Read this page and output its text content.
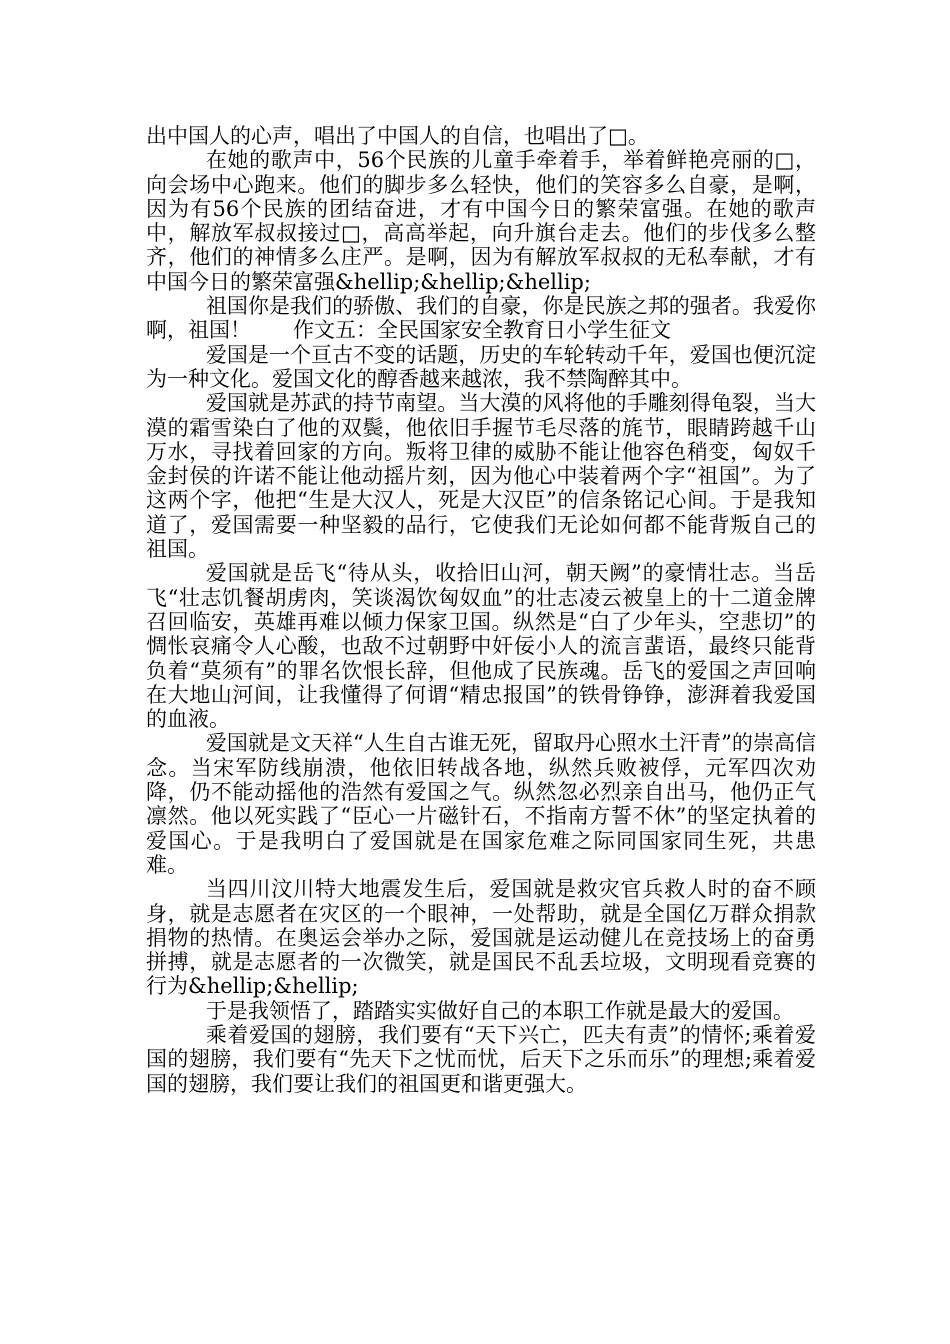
出中国人的心声，唱出了中国人的自信，也唱出了□。

在她的歌声中，56个民族的儿童手牵着手，举着鲜艳亮丽的□，向会场中心跑来。他们的脚步多么轻快，他们的笑容多么自豪，是啊，因为有56个民族的团结奋进，才有中国今日的繁荣富强。在她的歌声中，解放军叔叔接过□，高高举起，向升旗台走去。他们的步伐多么整齐，他们的神情多么庄严。是啊，因为有解放军叔叔的无私奉献，才有中国今日的繁荣富强&hellip;&hellip;&hellip;

祖国你是我们的骄傲、我们的自豪，你是民族之邦的强者。我爱你啊，祖国！　　作文五：全民国家安全教育日小学生征文

爱国是一个亘古不变的话题，历史的车轮转动千年，爱国也便沉淀为一种文化。爱国文化的醇香越来越浓，我不禁陶醉其中。

爱国就是苏武的持节南望。当大漠的风将他的手雕刻得龟裂，当大漠的霜雪染白了他的双鬓，他依旧手握节毛尽落的旄节，眼睛跨越千山万水，寻找着回家的方向。叛将卫律的威胁不能让他容色稍变，匈奴千金封侯的许诺不能让他动摇片刻，因为他心中装着两个字“祖国”。为了这两个字，他把“生是大汉人，死是大汉臣”的信条铭记心间。于是我知道了，爱国需要一种坚毅的品行，它使我们无论如何都不能背叛自己的祖国。

爱国就是岳飞“待从头，收拾旧山河，朝天阙”的豪情壮志。当岳飞“壮志饥餐胡虏肉，笑谈渴饮匈奴血”的壮志凌云被皇上的十二道金牌召回临安，英雄再难以倾力保家卫国。纵然是“白了少年头，空悲切”的惆怅哀痛令人心酸，也敌不过朝野中奸佞小人的流言蜚语，最终只能背负着“莫须有”的罪名饮恨长辞，但他成了民族魂。岳飞的爱国之声回响在大地山河间，让我懂得了何谓“精忠报国”的铁骨铮铮，澎湃着我爱国的血液。

爱国就是文天祥“人生自古谁无死，留取丹心照水土汗青”的崇高信念。当宋军防线崩溃，他依旧转战各地，纵然兵败被俘，元军四次劝降，仍不能动摇他的浩然有爱国之气。纵然忽必烈亲自出马，他仍正气凛然。他以死实践了“臣心一片磁针石，不指南方誓不休”的坚定执着的爱国心。于是我明白了爱国就是在国家危难之际同国家同生死，共患难。

当四川汶川特大地震发生后，爱国就是救灾官兵救人时的奋不顾身，就是志愿者在灾区的一个眼神，一处帮助，就是全国亿万群众捐款捐物的热情。在奥运会举办之际，爱国就是运动健儿在竞技场上的奋勇拼搏，就是志愿者的一次微笑，就是国民不乱丢垃圾，文明现看竞赛的行为&hellip;&hellip;

于是我领悟了，踏踏实实做好自己的本职工作就是最大的爱国。

乘着爱国的翅膀，我们要有“天下兴亡，匹夫有责”的情怀;乘着爱国的翅膀，我们要有“先天下之忧而忧，后天下之乐而乐”的理想;乘着爱国的翅膀，我们要让我们的祖国更和谐更强大。
